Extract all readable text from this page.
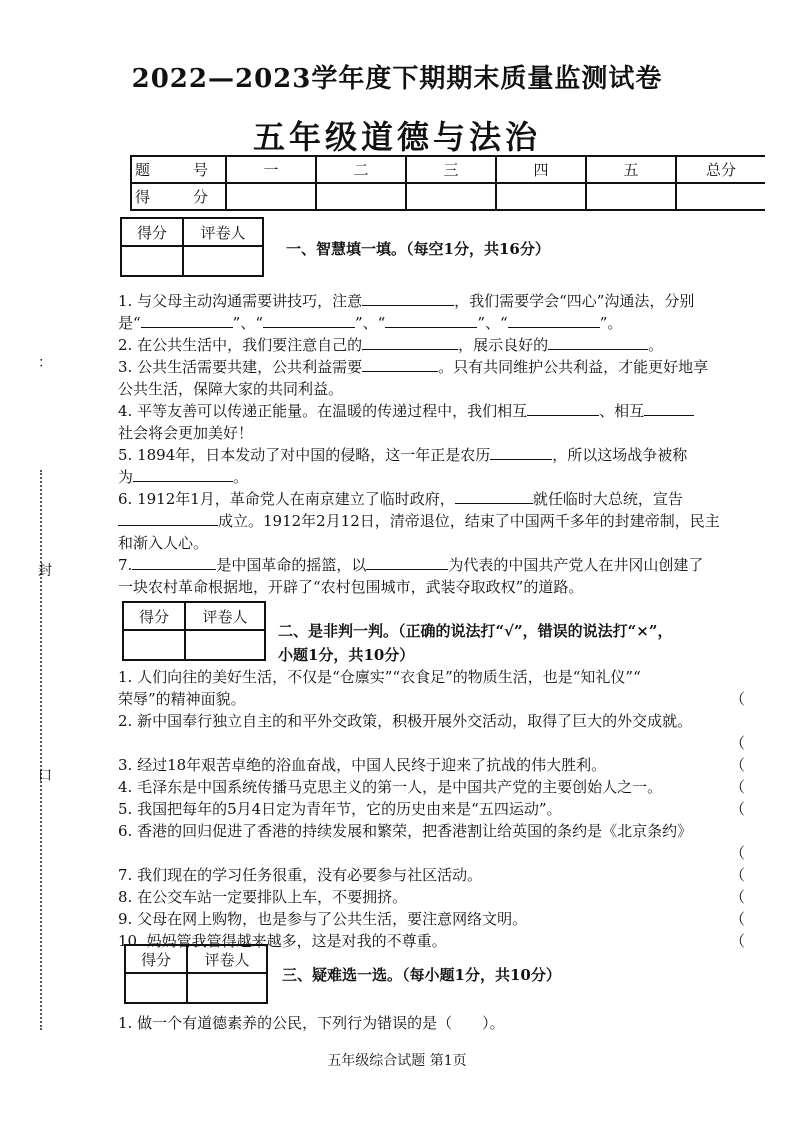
2022—2023学年度下期期末质量监测试卷
五年级道德与法治
题　号	一	二	三	四	五	总分
得　分						
得分	评卷人

一、智慧填一填。（每空1分，共16分）
1. 与父母主动沟通需要讲技巧，注意	，我们需要学会“四心”沟通法，分别
是“	”、“	”、“	”、“	”。
2. 在公共生活中，我们要注意自己的	，展示良好的	。
3. 公共生活需要共建，公共利益需要	。只有共同维护公共利益，才能更好地享
公共生活，保障大家的共同利益。
4. 平等友善可以传递正能量。在温暖的传递过程中，我们相互	、相互
社会将会更加美好！
5. 1894年，日本发动了对中国的侵略，这一年正是农历	，所以这场战争被称
为	。
6. 1912年1月，革命党人在南京建立了临时政府，	就任临时大总统，宣告
成立。1912年2月12日，清帝退位，结束了中国两千多年的封建帝制，民主
和渐入人心。
7.	是中国革命的摇篮，以	为代表的中国共产党人在井冈山创建了
一块农村革命根据地，开辟了“农村包围城市，武装夺取政权”的道路。
得分	评卷人

二、是非判一判。（正确的说法打“√”，错误的说法打“×”，
小题1分，共10分）
1. 人们向往的美好生活，不仅是“仓廪实”“衣食足”的物质生活，也是“知礼仪”“
荣辱”的精神面貌。	（
2. 新中国奉行独立自主的和平外交政策，积极开展外交活动，取得了巨大的外交成就。
（
3. 经过18年艰苦卓绝的浴血奋战，中国人民终于迎来了抗战的伟大胜利。	（
4. 毛泽东是中国系统传播马克思主义的第一人，是中国共产党的主要创始人之一。	（
5. 我国把每年的5月4日定为青年节，它的历史由来是“五四运动”。	（
6. 香港的回归促进了香港的持续发展和繁荣，把香港割让给英国的条约是《北京条约》
（
7. 我们现在的学习任务很重，没有必要参与社区活动。	（
8. 在公交车站一定要排队上车，不要拥挤。	（
9. 父母在网上购物，也是参与了公共生活，要注意网络文明。	（
10. 妈妈管我管得越来越多，这是对我的不尊重。	（
得分	评卷人

三、疑难选一选。（每小题1分，共10分）
1. 做一个有道德素养的公民，下列行为错误的是（　　）。
：
封
口
五年级综合试题 第1页
